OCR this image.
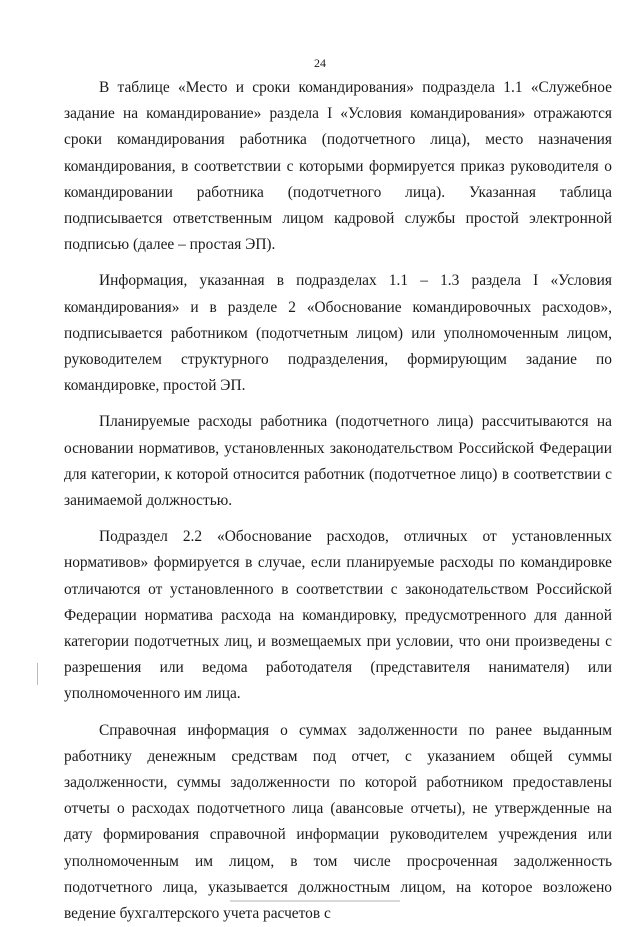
24

В таблице «Место и сроки командирования» подраздела 1.1 «Служебное задание на командирование» раздела I «Условия командирования» отражаются сроки командирования работника (подотчетного лица), место назначения командирования, в соответствии с которыми формируется приказ руководителя о командировании работника (подотчетного лица). Указанная таблица подписывается ответственным лицом кадровой службы простой электронной подписью (далее – простая ЭП).

Информация, указанная в подразделах 1.1 – 1.3 раздела I «Условия командирования» и в разделе 2 «Обоснование командировочных расходов», подписывается работником (подотчетным лицом) или уполномоченным лицом, руководителем структурного подразделения, формирующим задание по командировке, простой ЭП.

Планируемые расходы работника (подотчетного лица) рассчитываются на основании нормативов, установленных законодательством Российской Федерации для категории, к которой относится работник (подотчетное лицо) в соответствии с занимаемой должностью.

Подраздел 2.2 «Обоснование расходов, отличных от установленных нормативов» формируется в случае, если планируемые расходы по командировке отличаются от установленного в соответствии с законодательством Российской Федерации норматива расхода на командировку, предусмотренного для данной категории подотчетных лиц, и возмещаемых при условии, что они произведены с разрешения или ведома работодателя (представителя нанимателя) или уполномоченного им лица.

Справочная информация о суммах задолженности по ранее выданным работнику денежным средствам под отчет, с указанием общей суммы задолженности, суммы задолженности по которой работником предоставлены отчеты о расходах подотчетного лица (авансовые отчеты), не утвержденные на дату формирования справочной информации руководителем учреждения или уполномоченным им лицом, в том числе просроченная задолженность подотчетного лица, указывается должностным лицом, на которое возложено ведение бухгалтерского учета расчетов с
